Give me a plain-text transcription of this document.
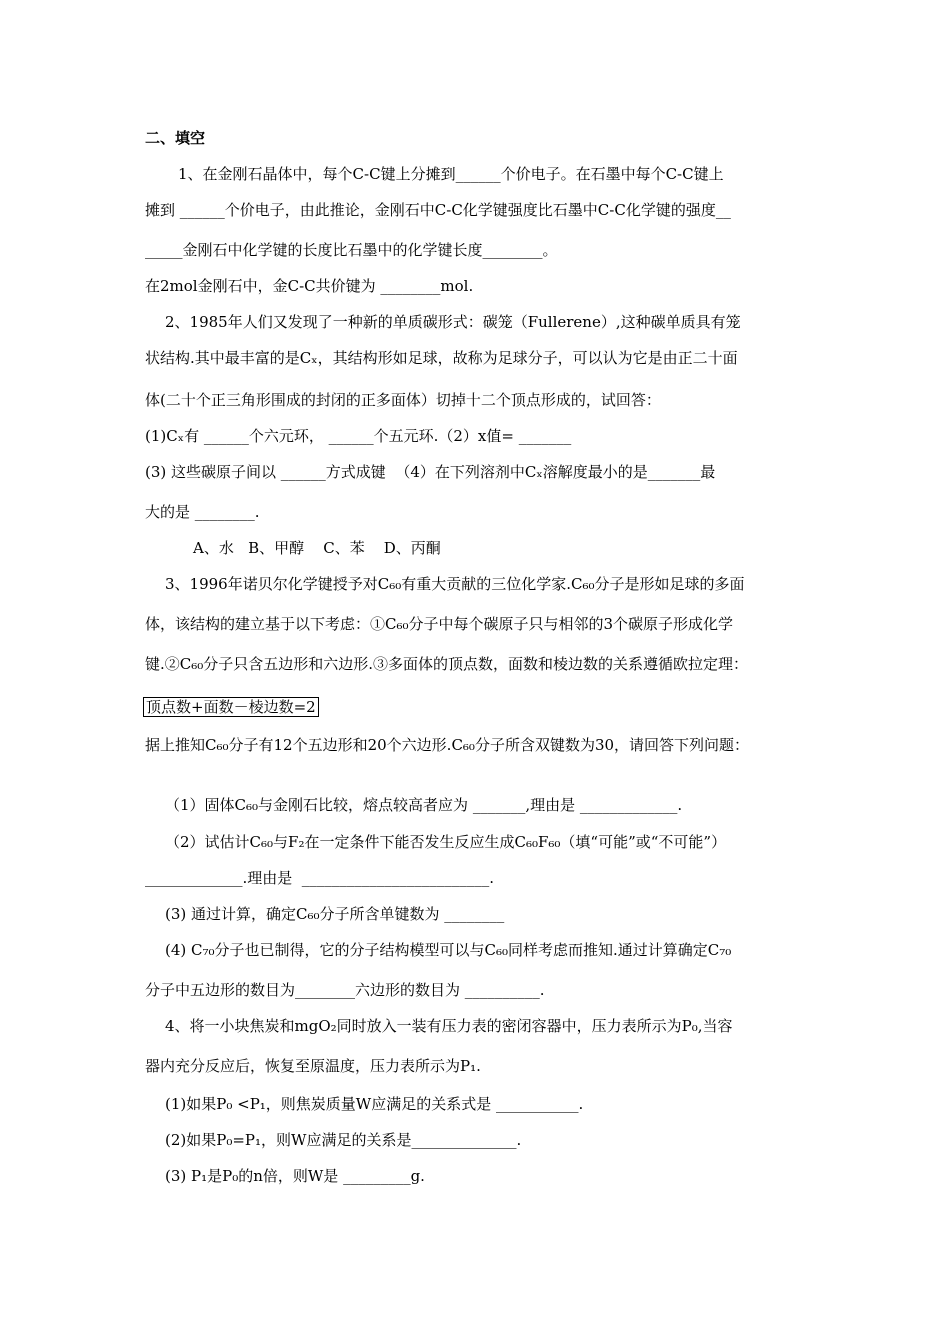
二、填空
1、在金刚石晶体中，每个C-C键上分摊到______个价电子。在石墨中每个C-C键上
摊到 ______个价电子，由此推论，金刚石中C-C化学键强度比石墨中C-C化学键的强度__
_____金刚石中化学键的长度比石墨中的化学键长度________。
在2mol金刚石中，金C-C共价键为 ________mol.
2、1985年人们又发现了一种新的单质碳形式：碳笼（Fullerene）,这种碳单质具有笼
状结构.其中最丰富的是Cₓ，其结构形如足球，故称为足球分子，可以认为它是由正二十面
体(二十个正三角形围成的封闭的正多面体）切掉十二个顶点形成的，试回答：
(1)Cₓ有 ______个六元环， ______个五元环.（2）x值= _______
(3) 这些碳原子间以 ______方式成键  （4）在下列溶剂中Cₓ溶解度最小的是_______最
大的是 ________.
A、水   B、甲醇    C、苯    D、丙酮
3、1996年诺贝尔化学键授予对C₆₀有重大贡献的三位化学家.C₆₀分子是形如足球的多面
体，该结构的建立基于以下考虑：①C₆₀分子中每个碳原子只与相邻的3个碳原子形成化学
键.②C₆₀分子只含五边形和六边形.③多面体的顶点数，面数和棱边数的关系遵循欧拉定理：
顶点数+面数－棱边数=2
据上推知C₆₀分子有12个五边形和20个六边形.C₆₀分子所含双键数为30，请回答下列问题：
（1）固体C₆₀与金刚石比较，熔点较高者应为 _______,理由是 _____________.
（2）试估计C₆₀与F₂在一定条件下能否发生反应生成C₆₀F₆₀（填“可能”或“不可能”）
_____________.理由是  _________________________.
(3) 通过计算，确定C₆₀分子所含单键数为 ________
(4) C₇₀分子也已制得，它的分子结构模型可以与C₆₀同样考虑而推知.通过计算确定C₇₀
分子中五边形的数目为________六边形的数目为 __________.
4、将一小块焦炭和mgO₂同时放入一装有压力表的密闭容器中，压力表所示为P₀,当容
器内充分反应后，恢复至原温度，压力表所示为P₁.
(1)如果P₀ <P₁，则焦炭质量W应满足的关系式是 ___________.
(2)如果P₀=P₁，则W应满足的关系是______________.
(3) P₁是P₀的n倍，则W是 _________g.
